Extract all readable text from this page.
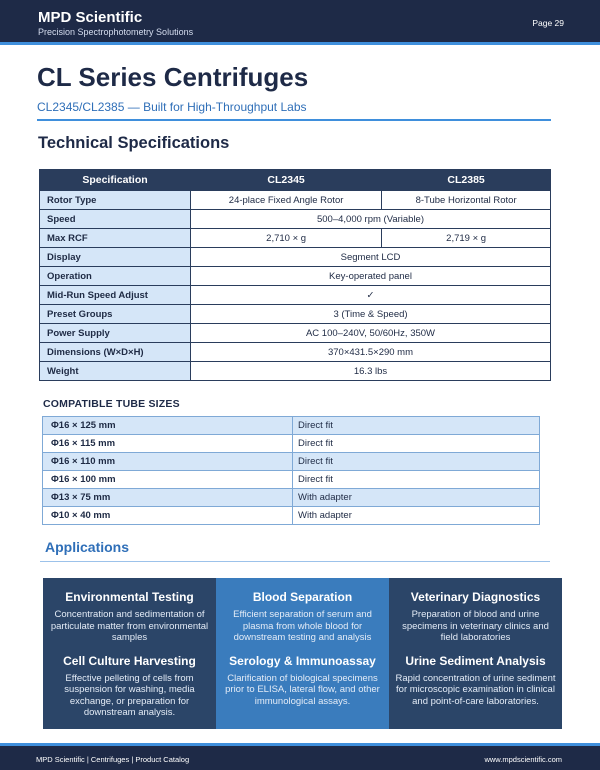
MPD Scientific
Precision Spectrophotometry Solutions
Page 29
CL Series Centrifuges
CL2345/CL2385 — Built for High-Throughput Labs
Technical Specifications
Specification	CL2345	CL2385
Rotor Type	24-place Fixed Angle Rotor	8-Tube Horizontal Rotor
Speed	500–4,000 rpm (Variable)	
Max RCF	2,710 × g	2,719 × g
Display	Segment LCD	
Operation	Key-operated panel	
Mid-Run Speed Adjust	✓	
Preset Groups	3 (Time & Speed)	
Power Supply	AC 100–240V, 50/60Hz, 350W	
Dimensions (W×D×H)	370×431.5×290 mm	
Weight	16.3 lbs	
COMPATIBLE TUBE SIZES
Φ16 × 125 mm	Direct fit
Φ16 × 115 mm	Direct fit
Φ16 × 110 mm	Direct fit
Φ16 × 100 mm	Direct fit
Φ13 × 75 mm	With adapter
Φ10 × 40 mm	With adapter
Applications
Environmental Testing

Concentration and sedimentation of particulate matter from environmental samples

Cell Culture Harvesting

Effective pelleting of cells from suspension for washing, media exchange, or preparation for downstream analysis.

Blood Separation

Efficient separation of serum and plasma from whole blood for downstream testing and analysis

Serology & Immunoassay

Clarification of biological specimens prior to ELISA, lateral flow, and other immunological assays.

Veterinary Diagnostics

Preparation of blood and urine specimens in veterinary clinics and field laboratories

Urine Sediment Analysis

Rapid concentration of urine sediment for microscopic examination in clinical and point-of-care laboratories.

MPD Scientific | Centrifuges | Product Catalog	www.mpdscientific.com
